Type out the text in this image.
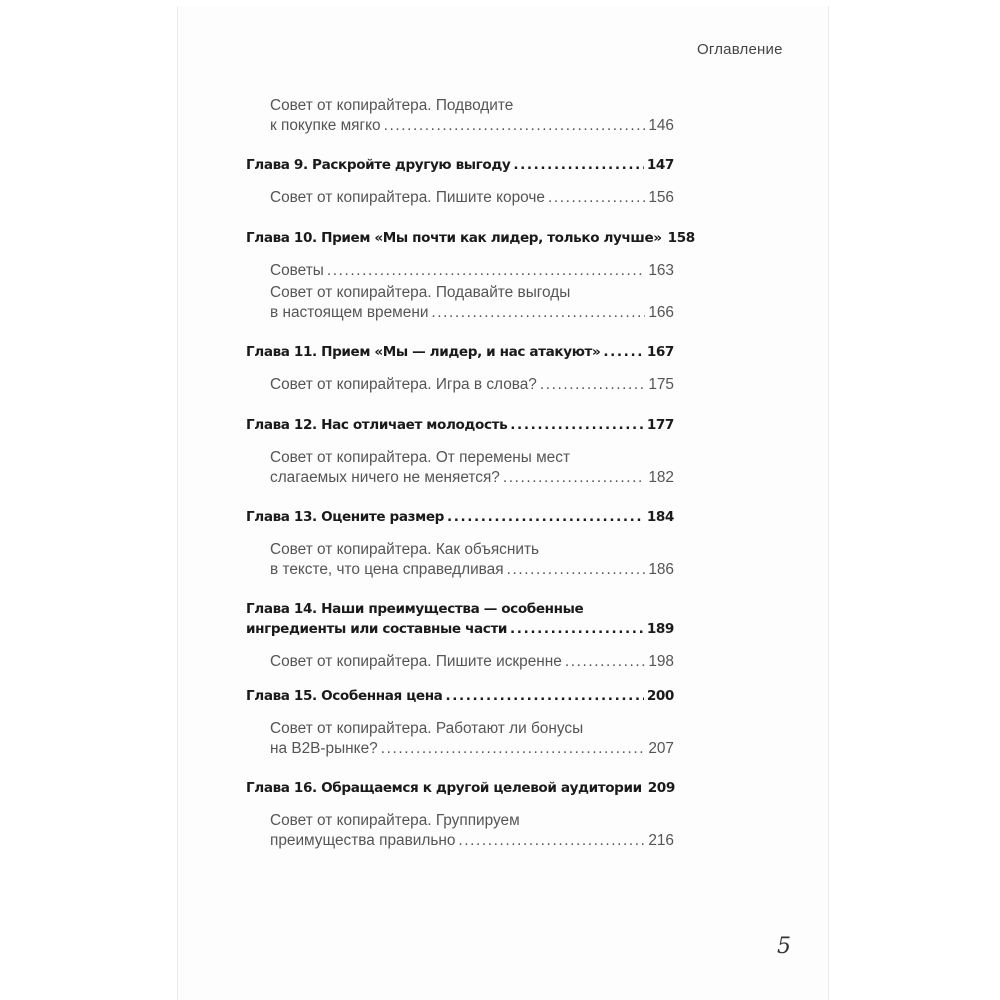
Оглавление
Совет от копирайтера. Подводите
к покупке мягко .....	146
Глава 9. Раскройте другую выгоду .....	147
Совет от копирайтера. Пишите короче .....	156
Глава 10. Прием «Мы почти как лидер, только лучше» 158
Советы .....	163
Совет от копирайтера. Подавайте выгоды
в настоящем времени .....	166
Глава 11. Прием «Мы — лидер, и нас атакуют» .....	167
Совет от копирайтера. Игра в слова? .....	175
Глава 12. Нас отличает молодость .....	177
Совет от копирайтера. От перемены мест
слагаемых ничего не меняется? .....	182
Глава 13. Оцените размер .....	184
Совет от копирайтера. Как объяснить
в тексте, что цена справедливая .....	186
Глава 14. Наши преимущества — особенные
ингредиенты или составные части .....	189
Совет от копирайтера. Пишите искренне .....	198
Глава 15. Особенная цена .....	200
Совет от копирайтера. Работают ли бонусы
на B2B-рынке? .....	207
Глава 16. Обращаемся к другой целевой аудитории 209
Совет от копирайтера. Группируем
преимущества правильно .....	216
5
